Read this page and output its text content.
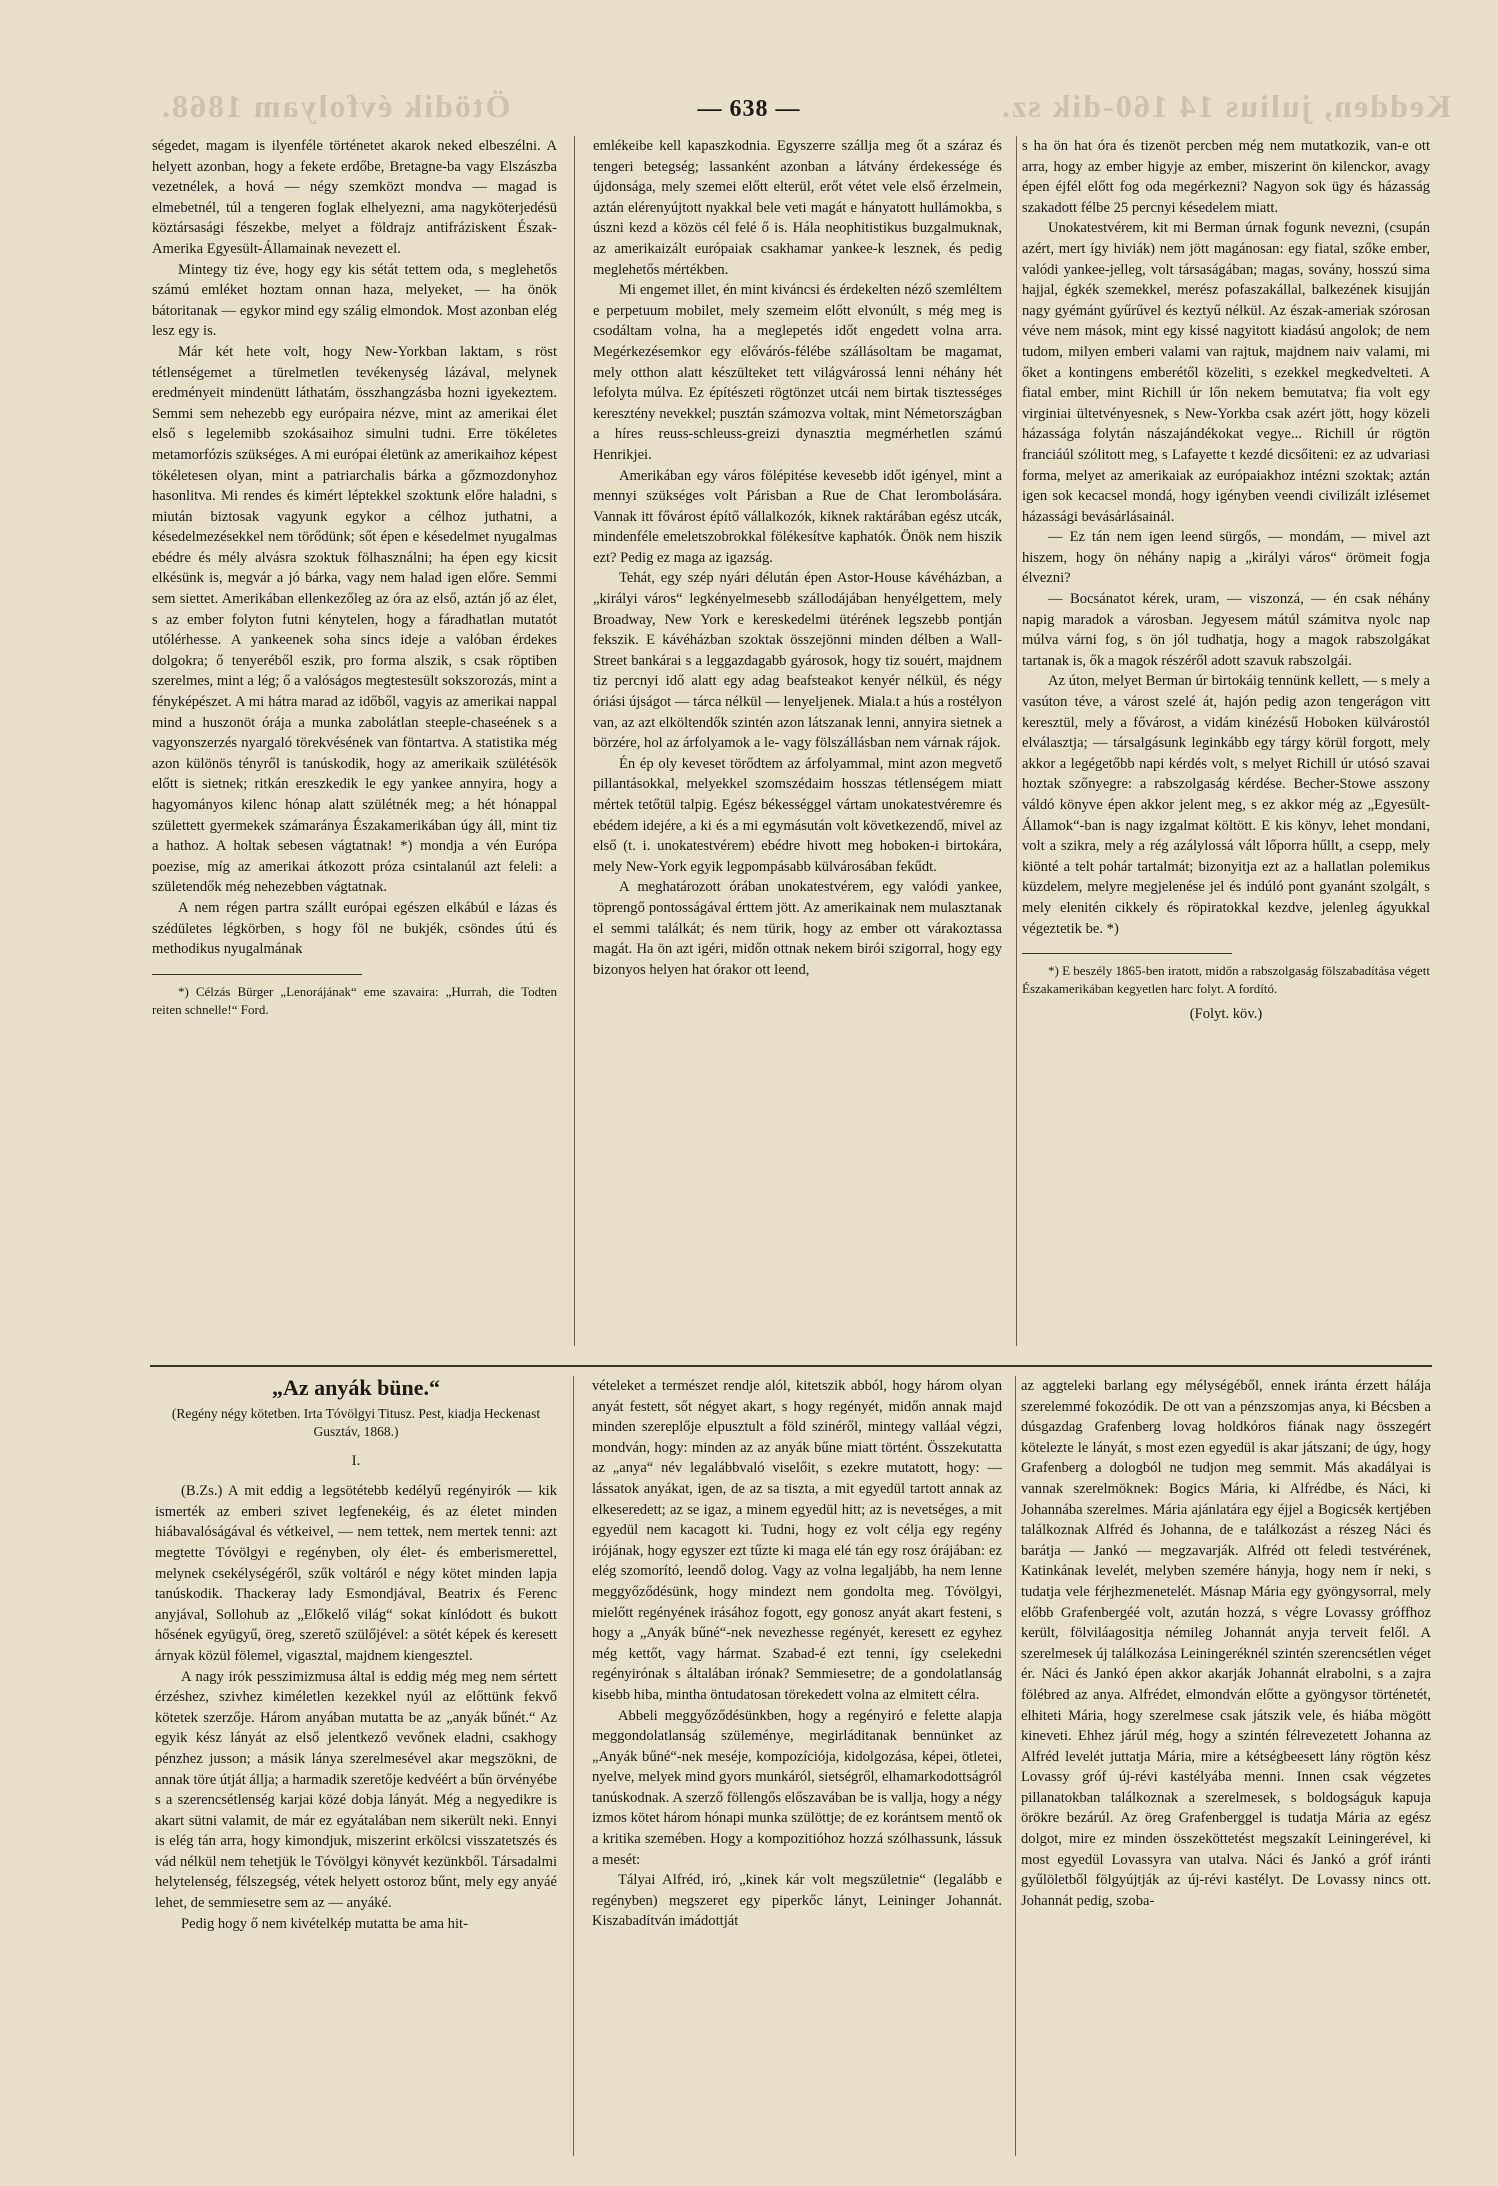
Ötödik évfolyam 1868.	Kedden, julius 14 160-dik sz.
— 638 —

ségedet, magam is ilyenféle történetet akarok neked elbeszélni. A helyett azonban, hogy a fekete erdőbe, Bretagne-ba vagy Elszászba vezetnélek, a hová — négy szemközt mondva — magad is elmebetnél, túl a tengeren foglak elhelyezni, ama nagyköterjedésü köztársasági fészekbe, melyet a földrajz antifráziskent Észak-Amerika Egyesült-Államainak nevezett el.

Mintegy tiz éve, hogy egy kis sétát tettem oda, s meglehetős számú emléket hoztam onnan haza, melyeket, — ha önök bátoritanak — egykor mind egy szálig elmondok. Most azonban elég lesz egy is.

Már két hete volt, hogy New-Yorkban laktam, s röst tétlenségemet a türelmetlen tevékenység lázával, melynek eredményeit mindenütt láthatám, összhangzásba hozni igyekeztem. Semmi sem nehezebb egy európaira nézve, mint az amerikai élet első s legelemibb szokásaihoz simulni tudni. Erre tökéletes metamorfózis szükséges. A mi európai életünk az amerikaihoz képest tökéletesen olyan, mint a patriarchalis bárka a gőzmozdonyhoz hasonlitva. Mi rendes és kimért léptekkel szoktunk előre haladni, s miután biztosak vagyunk egykor a célhoz juthatni, a késedelmezésekkel nem törődünk; sőt épen e késedelmet nyugalmas ebédre és mély alvásra szoktuk fölhasználni; ha épen egy kicsit elkésünk is, megvár a jó bárka, vagy nem halad igen előre. Semmi sem siettet. Amerikában ellenkezőleg az óra az első, aztán jő az élet, s az ember folyton futni kénytelen, hogy a fáradhatlan mutatót utólérhesse. A yankeenek soha sincs ideje a valóban érdekes dolgokra; ő tenyeréből eszik, pro forma alszik, s csak röptiben szerelmes, mint a lég; ő a valóságos megtestesült sokszorozás, mint a fényképészet. A mi hátra marad az időből, vagyis az amerikai nappal mind a huszonöt órája a munka zabolátlan steeple-chaseének s a vagyonszerzés nyargaló törekvésének van föntartva. A statistika még azon különös tényről is tanúskodik, hogy az amerikaik szülétésök előtt is sietnek; ritkán ereszkedik le egy yankee annyira, hogy a hagyományos kilenc hónap alatt szülétnék meg; a hét hónappal születtett gyermekek számaránya Északamerikában úgy áll, mint tiz a hathoz. A holtak sebesen vágtatnak! *) mondja a vén Európa poezise, míg az amerikai átkozott próza csintalanúl azt feleli: a születendők még nehezebben vágtatnak.

A nem régen partra szállt európai egészen elkábúl e lázas és szédületes légkörben, s hogy föl ne bukjék, csöndes útú és methodikus nyugalmának

*) Célzás Bürger „Lenorájának“ eme szavaira: „Hurrah, die Todten reiten schnelle!“ Ford.

emlékeibe kell kapaszkodnia. Egyszerre szállja meg őt a száraz és tengeri betegség; lassanként azonban a látvány érdekessége és újdonsága, mely szemei előtt elterül, erőt vétet vele első érzelmein, aztán elérenyújtott nyakkal bele veti magát e hányatott hullámokba, s úszni kezd a közös cél felé ő is. Hála neophitistikus buzgalmuknak, az amerikaizált európaiak csakhamar yankee-k lesznek, és pedig meglehetős mértékben.

Mi engemet illet, én mint kiváncsi és érdekelten néző szemléltem e perpetuum mobilet, mely szemeim előtt elvonúlt, s még meg is csodáltam volna, ha a meglepetés időt engedett volna arra. Megérkezésemkor egy elővárós-félébe szállásoltam be magamat, mely otthon alatt készülteket tett világvárossá lenni néhány hét lefolyta múlva. Ez építészeti rögtönzet utcái nem birtak tisztességes keresztény nevekkel; pusztán számozva voltak, mint Németországban a híres reuss-schleuss-greizi dynasztia megmérhetlen számú Henrikjei.

Amerikában egy város fölépitése kevesebb időt igényel, mint a mennyi szükséges volt Párisban a Rue de Chat lerombolására. Vannak itt fővárost építő vállalkozók, kiknek raktárában egész utcák, mindenféle emeletszobrokkal fölékesítve kaphatók. Önök nem hiszik ezt? Pedig ez maga az igazság.

Tehát, egy szép nyári délután épen Astor-House kávéházban, a „királyi város“ legkényelmesebb szállodájában henyélgettem, mely Broadway, New York e kereskedelmi ütérének legszebb pontján fekszik. E kávéházban szoktak összejönni minden délben a Wall-Street bankárai s a leggazdagabb gyárosok, hogy tiz souért, majdnem tiz percnyi idő alatt egy adag beafsteakot kenyér nélkül, és négy óriási újságot — tárca nélkül — lenyeljenek. Miala.t a hús a rostélyon van, az azt elköltendők szintén azon látszanak lenni, annyira sietnek a börzére, hol az árfolyamok a le- vagy fölszállásban nem várnak rájok.

Én ép oly keveset törődtem az árfolyammal, mint azon megvető pillantásokkal, melyekkel szomszédaim hosszas tétlenségem miatt mértek tetőtül talpig. Egész békességgel vártam unokatestvéremre és ebédem idejére, a ki és a mi egymásután volt következendő, mivel az első (t. i. unokatestvérem) ebédre hivott meg hoboken-i birtokára, mely New-York egyik legpompásabb külvárosában fekűdt.

A meghatározott órában unokatestvérem, egy valódi yankee, töprengő pontosságával érttem jött. Az amerikainak nem mulasztanak el semmi találkát; és nem türik, hogy az ember ott várakoztassa magát. Ha ön azt igéri, midőn ottnak nekem birói szigorral, hogy egy bizonyos helyen hat órakor ott leend,

s ha ön hat óra és tizenöt percben még nem mutatkozik, van-e ott arra, hogy az ember higyje az ember, miszerint ön kilenckor, avagy épen éjfél előtt fog oda megérkezni? Nagyon sok ügy és házasság szakadott félbe 25 percnyi késedelem miatt.

Unokatestvérem, kit mi Berman úrnak fogunk nevezni, (csupán azért, mert így hiviák) nem jött magánosan: egy fiatal, szőke ember, valódi yankee-jelleg, volt társaságában; magas, sovány, hosszú sima hajjal, égkék szemekkel, merész pofaszakállal, balkezének kisujján nagy gyémánt gyűrűvel és keztyű nélkül. Az észak-ameriak szórosan véve nem mások, mint egy kissé nagyitott kiadású angolok; de nem tudom, milyen emberi valami van rajtuk, majdnem naiv valami, mi őket a kontingens emberétől közeliti, s ezekkel megkedvelteti. A fiatal ember, mint Richill úr lőn nekem bemutatva; fia volt egy virginiai ültetvényesnek, s New-Yorkba csak azért jött, hogy közeli házassága folytán nászajándékokat vegye... Richill úr rögtön franciáúl szólitott meg, s Lafayette t kezdé dicsőiteni: ez az udvariasi forma, melyet az amerikaiak az európaiakhoz intézni szoktak; aztán igen sok kecacsel mondá, hogy igényben veendi civilizált izlésemet házassági bevásárlásainál.

— Ez tán nem igen leend sürgős, — mondám, — mivel azt hiszem, hogy ön néhány napig a „királyi város“ örömeit fogja élvezni?

— Bocsánatot kérek, uram, — viszonzá, — én csak néhány napig maradok a városban. Jegyesem mátúl számitva nyolc nap múlva várni fog, s ön jól tudhatja, hogy a magok rabszolgákat tartanak is, ők a magok részéről adott szavuk rabszolgái.

Az úton, melyet Berman úr birtokáig tennünk kellett, — s mely a vasúton téve, a várost szelé át, hajón pedig azon tengerágon vitt keresztül, mely a fővárost, a vidám kinézésű Hoboken külvárostól elválasztja; — társalgásunk leginkább egy tárgy körül forgott, mely akkor a legégetőbb napi kérdés volt, s melyet Richill úr utósó szavai hoztak szőnyegre: a rabszolgaság kérdése. Becher-Stowe asszony váldó könyve épen akkor jelent meg, s ez akkor még az „Egyesült-Államok“-ban is nagy izgalmat költött. E kis könyv, lehet mondani, volt a szikra, mely a rég azálylossá vált lőporra hűllt, a csepp, mely kiönté a telt pohár tartalmát; bizonyitja ezt az a hallatlan polemikus küzdelem, melyre megjelenése jel és indúló pont gyanánt szolgált, s mely elenitén cikkely és röpiratokkal kezdve, jelenleg ágyukkal végeztetik be. *)

*) E beszély 1865-ben iratott, midőn a rabszolgaság fölszabadítása végett Északamerikában kegyetlen harc folyt. A fordító.

(Folyt. köv.)

„Az anyák büne.“
(Regény négy kötetben. Irta Tóvölgyi Titusz. Pest, kiadja Heckenast Gusztáv, 1868.)
I.

(B.Zs.) A mit eddig a legsötétebb kedélyű regényirók — kik ismerték az emberi szivet legfenekéig, és az életet minden hiábavalóságával és vétkeivel, — nem tettek, nem mertek tenni: azt megtette Tóvölgyi e regényben, oly élet- és emberismerettel, melynek csekélységéről, szűk voltáról e négy kötet minden lapja tanúskodik. Thackeray lady Esmondjával, Beatrix és Ferenc anyjával, Sollohub az „Előkelő világ“ sokat kínlódott és bukott hősének együgyű, öreg, szerető szülőjével: a sötét képek és keresett árnyak közül fölemel, vigasztal, majdnem kiengesztel.

A nagy irók pesszimizmusa által is eddig még meg nem sértett érzéshez, szivhez kiméletlen kezekkel nyúl az előttünk fekvő kötetek szerzője. Három anyában mutatta be az „anyák bűnét.“ Az egyik kész lányát az első jelentkező vevőnek eladni, csakhogy pénzhez jusson; a másik lánya szerelmesével akar megszökni, de annak töre útját állja; a harmadik szeretője kedvéért a bűn örvényébe s a szerencsétlenség karjai közé dobja lányát. Még a negyedikre is akart sütni valamit, de már ez egyátalában nem sikerült neki. Ennyi is elég tán arra, hogy kimondjuk, miszerint erkölcsi visszatetszés és vád nélkül nem tehetjük le Tóvölgyi könyvét kezünkből. Társadalmi helytelenség, félszegség, vétek helyett ostoroz bűnt, mely egy anyáé lehet, de semmiesetre sem az — anyáké.

Pedig hogy ő nem kivételkép mutatta be ama hit-

vételeket a természet rendje alól, kitetszik abból, hogy három olyan anyát festett, sőt négyet akart, s hogy regényét, midőn annak majd minden szereplője elpusztult a föld szinéről, mintegy valláal végzi, mondván, hogy: minden az az anyák bűne miatt történt. Összekutatta az „anya“ név legalábbvaló viselőit, s ezekre mutatott, hogy: — lássatok anyákat, igen, de az sa tiszta, a mit egyedül tartott annak az elkeseredett; az se igaz, a minem egyedül hitt; az is nevetséges, a mit egyedül nem kacagott ki. Tudni, hogy ez volt célja egy regény irójának, hogy egyszer ezt tűzte ki maga elé tán egy rosz órájában: ez elég szomorító, leendő dolog. Vagy az volna legaljább, ha nem lenne meggyőződésünk, hogy mindezt nem gondolta meg. Tóvölgyi, mielőtt regényének irásához fogott, egy gonosz anyát akart festeni, s hogy a „Anyák bűné“-nek nevezhesse regényét, keresett ez egyhez még kettőt, vagy hármat. Szabad-é ezt tenni, így cselekedni regényirónak s általában irónak? Semmiesetre; de a gondolatlanság kisebb hiba, mintha öntudatosan törekedett volna az elmitett célra.

Abbeli meggyőződésünkben, hogy a regényiró e felette alapja meggondolatlanság szüleménye, megirláditanak bennünket az „Anyák bűné“-nek meséje, kompozíciója, kidolgozása, képei, ötletei, nyelve, melyek mind gyors munkáról, sietségről, elhamarkodottságról tanúskodnak. A szerző föllengős előszavában be is vallja, hogy a négy izmos kötet három hónapi munka szülöttje; de ez korántsem mentő ok a kritika szemében. Hogy a kompozitióhoz hozzá szólhassunk, lássuk a mesét:

Tályai Alfréd, iró, „kinek kár volt megszületnie“ (legalább e regényben) megszeret egy piperkőc lányt, Leininger Johannát. Kiszabadítván imádottját

az aggteleki barlang egy mélységéből, ennek iránta érzett hálája szerelemmé fokozódik. De ott van a pénzszomjas anya, ki Bécsben a dúsgazdag Grafenberg lovag holdkóros fiának nagy összegért kötelezte le lányát, s most ezen egyedül is akar játszani; de úgy, hogy Grafenberg a dologból ne tudjon meg semmit. Más akadályai is vannak szerelmöknek: Bogics Mária, ki Alfrédbe, és Náci, ki Johannába szerelmes. Mária ajánlatára egy éjjel a Bogicsék kertjében találkoznak Alfréd és Johanna, de e találkozást a részeg Náci és barátja — Jankó — megzavarják. Alfréd ott feledi testvérének, Katinkának levelét, melyben szemére hányja, hogy nem ír neki, s tudatja vele férjhezmenetelét. Másnap Mária egy gyöngysorral, mely előbb Grafenbergéé volt, azután hozzá, s végre Lovassy gróffhoz került, fölviláagositja némileg Johannát anyja terveit felől. A szerelmesek új találkozása Leiningeréknél szintén szerencsétlen véget ér. Náci és Jankó épen akkor akarják Johannát elrabolni, s a zajra fölébred az anya. Alfrédet, elmondván előtte a gyöngysor történetét, elhiteti Mária, hogy szerelmese csak játszik vele, és hiába mögött kineveti. Ehhez járúl még, hogy a szintén félrevezetett Johanna az Alfréd levelét juttatja Mária, mire a kétségbeesett lány rögtön kész Lovassy gróf új-révi kastélyába menni. Innen csak végzetes pillanatokban találkoznak a szerelmesek, s boldogságuk kapuja örökre bezárúl. Az öreg Grafenberggel is tudatja Mária az egész dolgot, mire ez minden összeköttetést megszakít Leiningerével, ki most egyedül Lovassyra van utalva. Náci és Jankó a gróf iránti gyűlöletből fölgyújtják az új-révi kastélyt. De Lovassy nincs ott. Johannát pedig, szoba-
